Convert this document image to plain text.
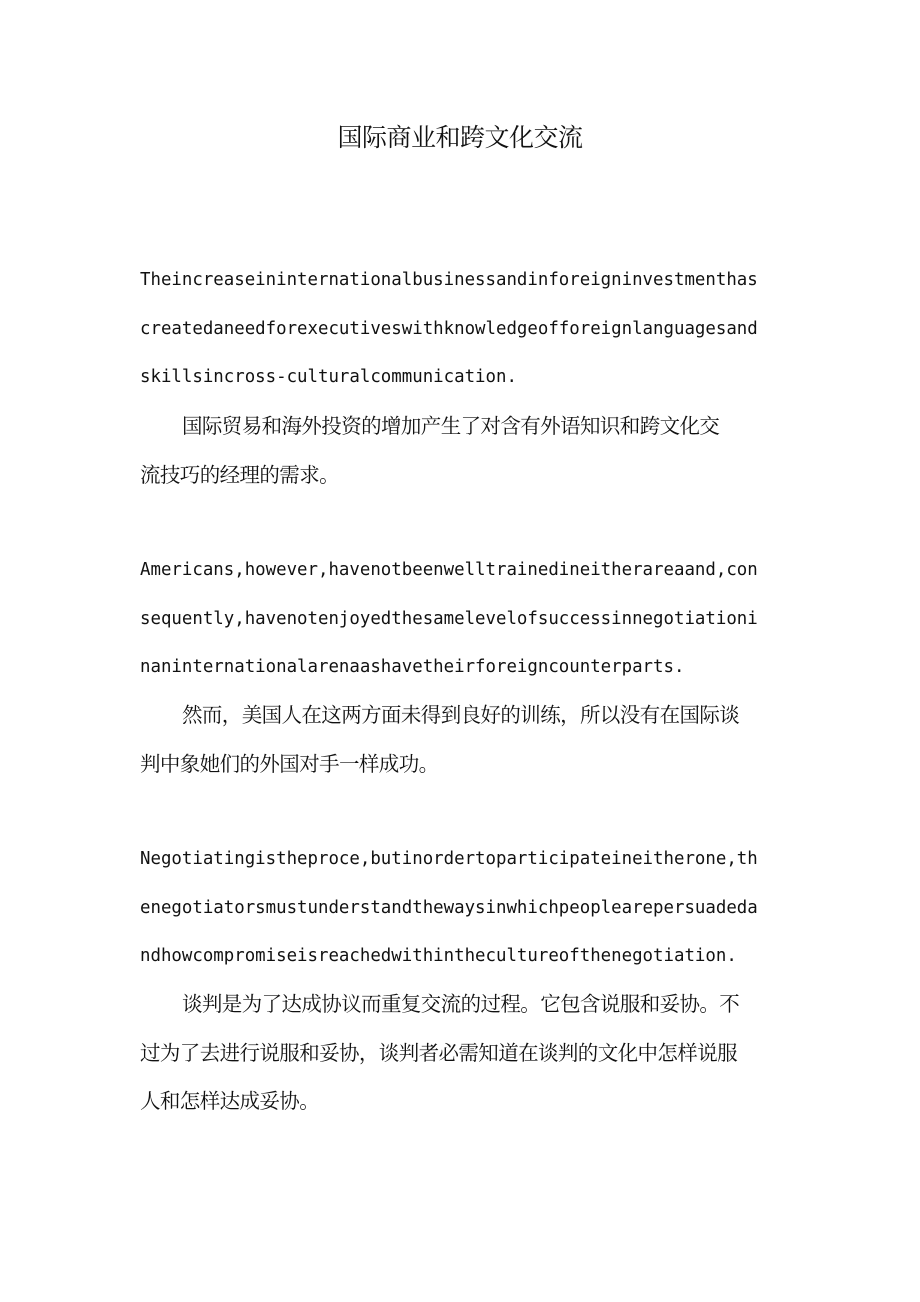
国际商业和跨文化交流
Theincreaseininternationalbusinessandinforeigninvestmenthas
createdaneedforexecutiveswithknowledgeofforeignlanguagesand
skillsincross-culturalcommunication.
国际贸易和海外投资的增加产生了对含有外语知识和跨文化交
流技巧的经理的需求。
Americans,however,havenotbeenwelltrainedineitherareaand,con
sequently,havenotenjoyedthesamelevelofsuccessinnegotiationi
naninternationalarenaashavetheirforeigncounterparts.
然而，美国人在这两方面未得到良好的训练，所以没有在国际谈
判中象她们的外国对手一样成功。
Negotiatingistheproce,butinordertoparticipateineitherone,th
enegotiatorsmustunderstandthewaysinwhichpeoplearepersuadeda
ndhowcompromiseisreachedwithintheculture​ofthenegotiation.
谈判是为了达成协议而重复交流的过程。它包含说服和妥协。不
过为了去进行说服和妥协，谈判者必需知道在谈判的文化中怎样说服
人和怎样达成妥协。
